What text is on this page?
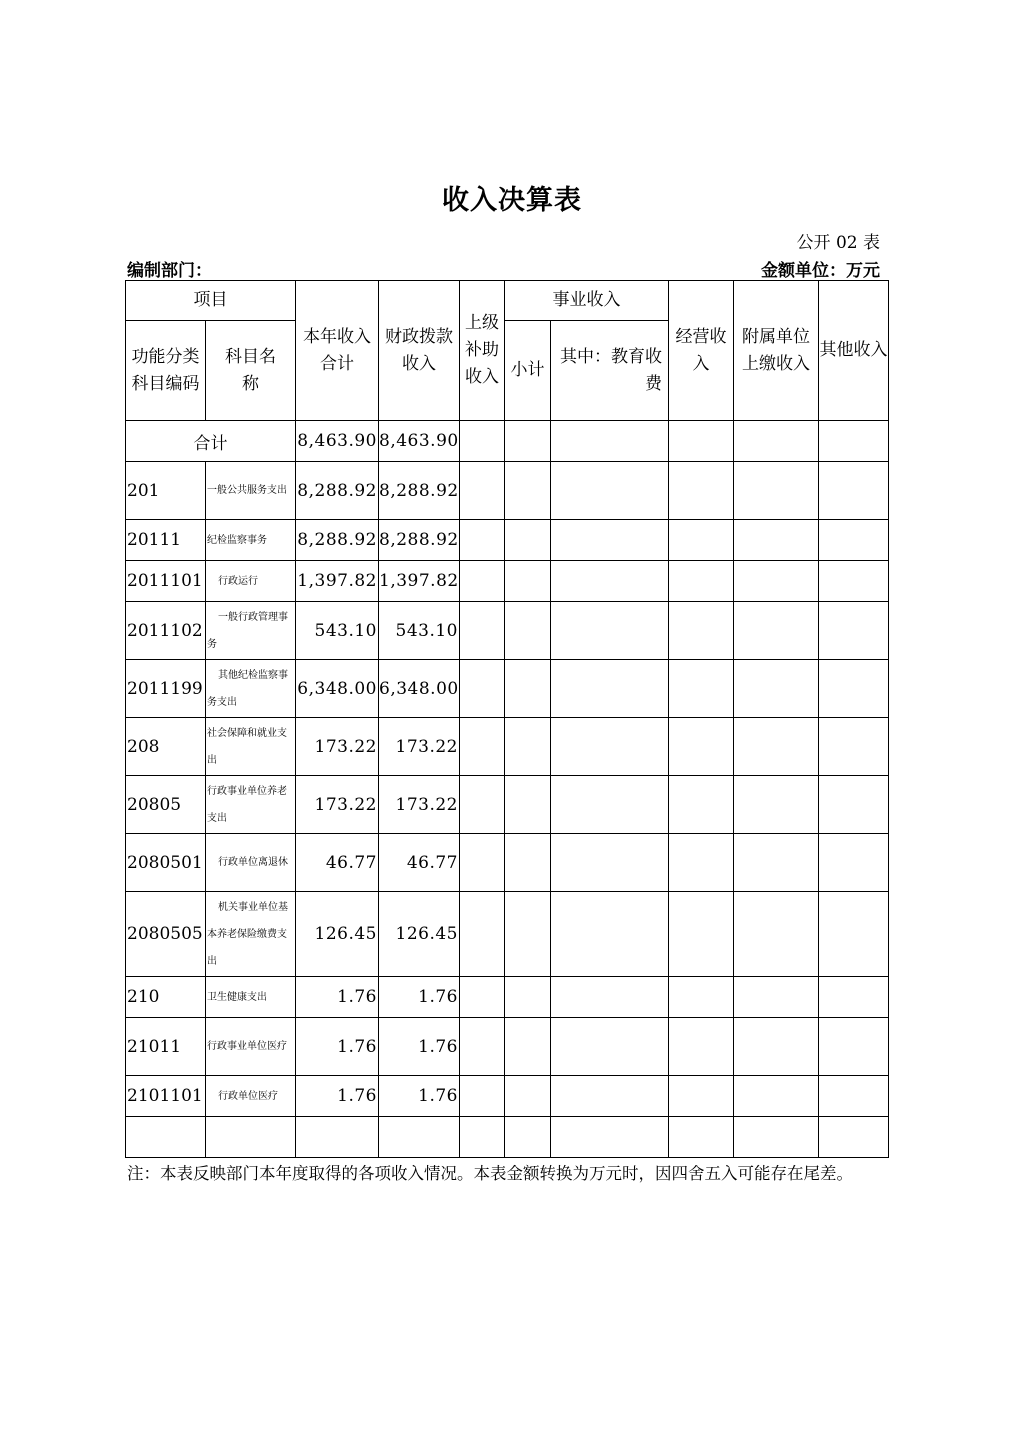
收入决算表
公开 02 表
编制部门：	金额单位：万元
项目		本年收入合计	财政拨款收入	上级补助收入	事业收入		经营收入	附属单位上缴收入	其他收入
功能分类科目编码	科目名称				小计	其中：教育收费			
合计		8,463.90	8,463.90						
201	一般公共服务支出	8,288.92	8,288.92						
20111	纪检监察事务	8,288.92	8,288.92						
2011101	行政运行	1,397.82	1,397.82						
2011102	一般行政管理事务	543.10	543.10						
2011199	其他纪检监察事务支出	6,348.00	6,348.00						
208	社会保障和就业支出	173.22	173.22						
20805	行政事业单位养老支出	173.22	173.22						
2080501	行政单位离退休	46.77	46.77						
2080505	机关事业单位基本养老保险缴费支出	126.45	126.45						
210	卫生健康支出	1.76	1.76						
21011	行政事业单位医疗	1.76	1.76						
2101101	行政单位医疗	1.76	1.76						

注：本表反映部门本年度取得的各项收入情况。本表金额转换为万元时，因四舍五入可能存在尾差。
